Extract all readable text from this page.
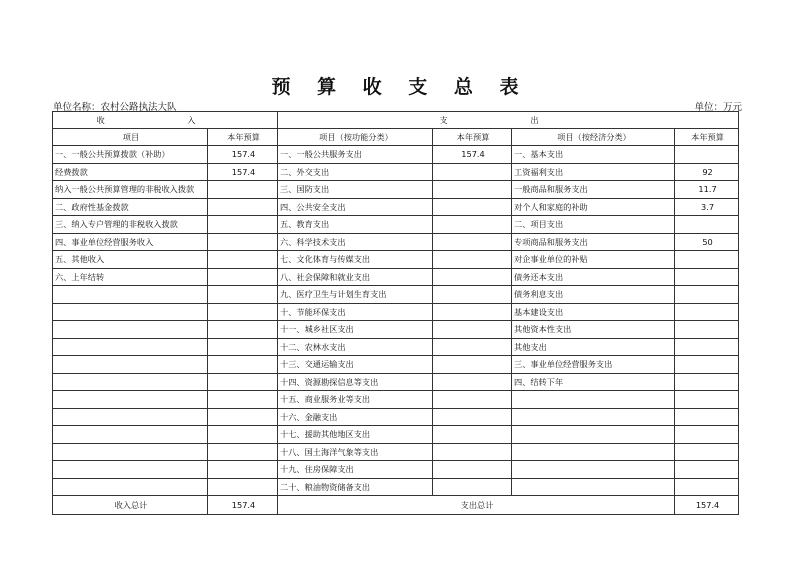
预 算 收 支 总 表
单位名称：农村公路执法大队	单位：万元
收 入		支 出			
项目	本年预算	项目（按功能分类）	本年预算	项目（按经济分类）	本年预算
一、一般公共预算拨款（补助）	157.4	一、一般公共服务支出	157.4	一、基本支出	
经费拨款	157.4	二、外交支出		工资福利支出	92
纳入一般公共预算管理的非税收入拨款		三、国防支出		一般商品和服务支出	11.7
二、政府性基金拨款		四、公共安全支出		对个人和家庭的补助	3.7
三、纳入专户管理的非税收入拨款		五、教育支出		二、项目支出	
四、事业单位经营服务收入		六、科学技术支出		专项商品和服务支出	50
五、其他收入		七、文化体育与传媒支出		对企事业单位的补贴	
六、上年结转		八、社会保障和就业支出		债务还本支出	
		九、医疗卫生与计划生育支出		债务利息支出	
		十、节能环保支出		基本建设支出	
		十一、城乡社区支出		其他资本性支出	
		十二、农林水支出		其他支出	
		十三、交通运输支出		三、事业单位经营服务支出	
		十四、资源勘探信息等支出		四、结转下年	
		十五、商业服务业等支出			
		十六、金融支出			
		十七、援助其他地区支出			
		十八、国土海洋气象等支出			
		十九、住房保障支出			
		二十、粮油物资储备支出			
收入总计	157.4	支出总计			157.4
